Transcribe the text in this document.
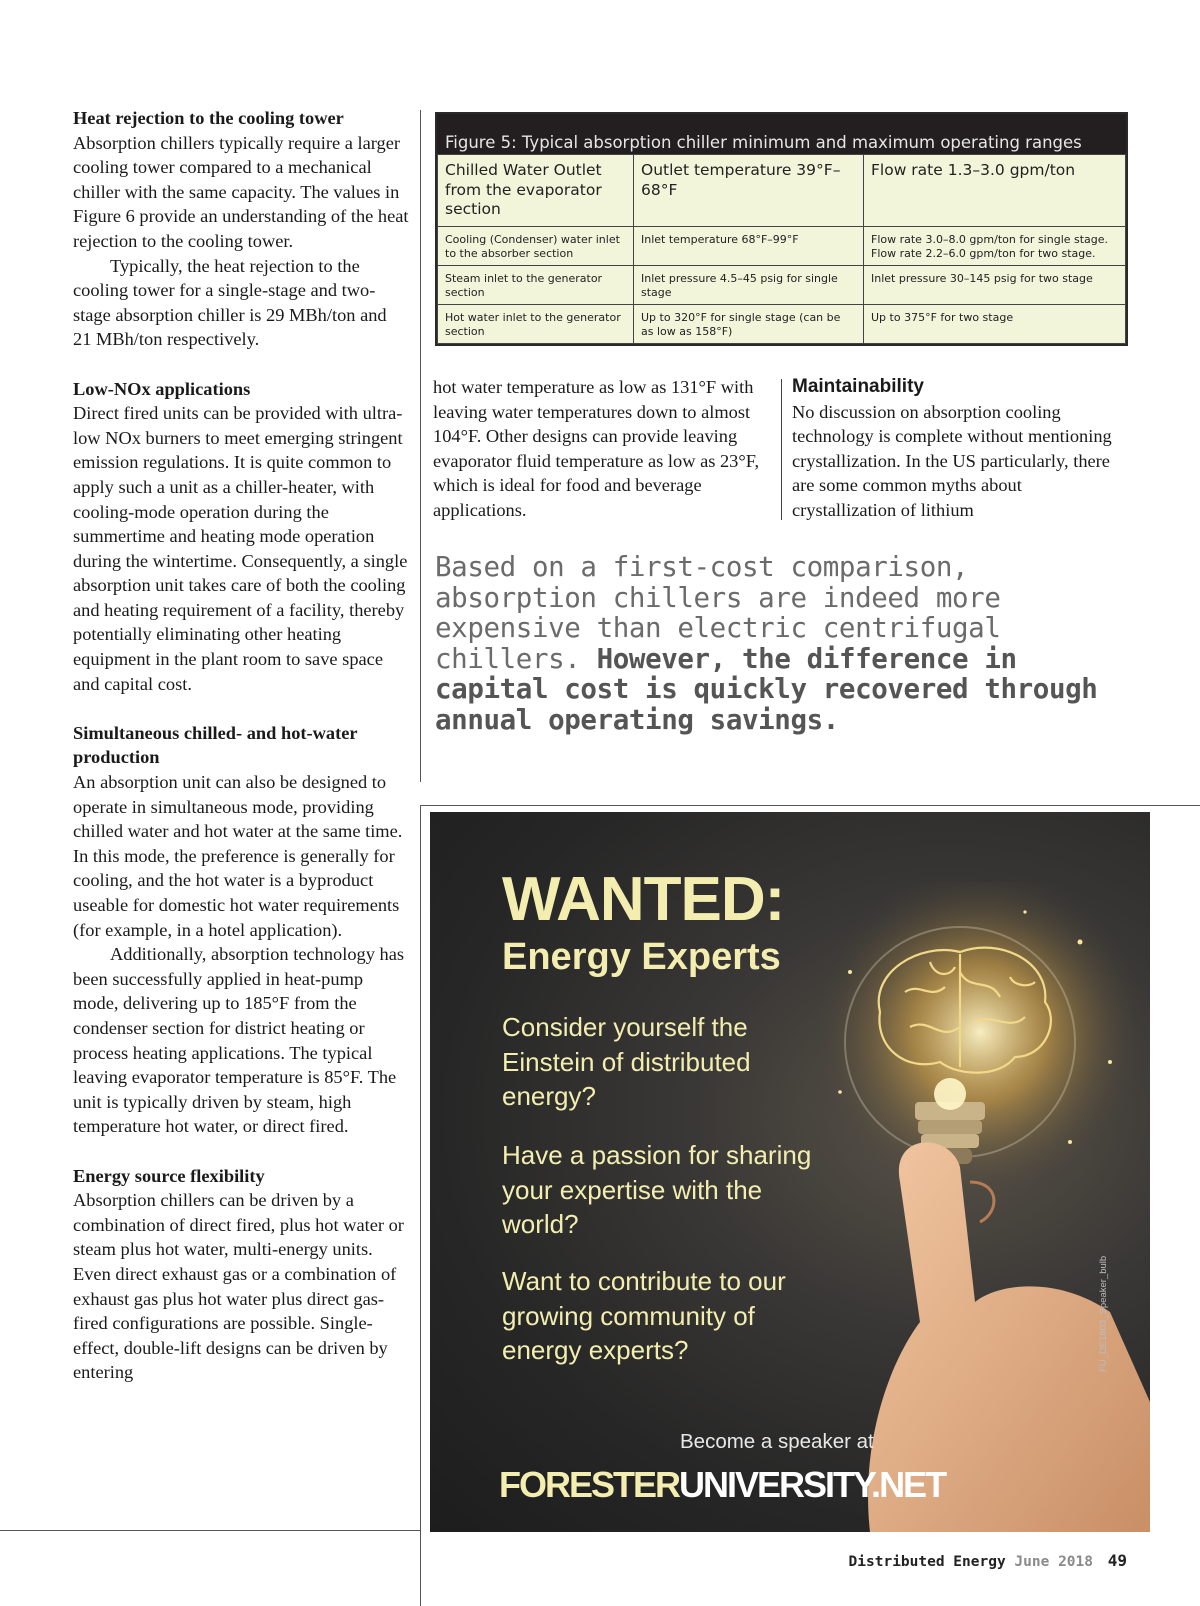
Heat rejection to the cooling tower

Absorption chillers typically require a larger cooling tower compared to a mechanical chiller with the same capacity. The values in Figure 6 provide an understanding of the heat rejection to the cooling tower.

Typically, the heat rejection to the cooling tower for a single-stage and two-stage absorption chiller is 29 MBh/ton and 21 MBh/ton respectively.

Low-NOx applications

Direct fired units can be provided with ultra-low NOx burners to meet emerging stringent emission regulations. It is quite common to apply such a unit as a chiller-heater, with cooling-mode operation during the summertime and heating mode operation during the wintertime. Consequently, a single absorption unit takes care of both the cooling and heating requirement of a facility, thereby potentially eliminating other heating equipment in the plant room to save space and capital cost.

Simultaneous chilled- and hot-water production

An absorption unit can also be designed to operate in simultaneous mode, providing chilled water and hot water at the same time. In this mode, the preference is generally for cooling, and the hot water is a byproduct useable for domestic hot water requirements (for example, in a hotel application).

Additionally, absorption technology has been successfully applied in heat-pump mode, delivering up to 185°F from the condenser section for district heating or process heating applications. The typical leaving evaporator temperature is 85°F. The unit is typically driven by steam, high temperature hot water, or direct fired.

Energy source flexibility

Absorption chillers can be driven by a combination of direct fired, plus hot water or steam plus hot water, multi-energy units. Even direct exhaust gas or a combination of exhaust gas plus hot water plus direct gas-fired configurations are possible. Single-effect, double-lift designs can be driven by entering

Figure 5: Typical absorption chiller minimum and maximum operating ranges
Chilled Water Outlet from the evaporator section	Outlet temperature 39°F–68°F	Flow rate 1.3–3.0 gpm/ton
Cooling (Condenser) water inlet to the absorber section	Inlet temperature 68°F–99°F	Flow rate 3.0–8.0 gpm/ton for single stage. Flow rate 2.2–6.0 gpm/ton for two stage.
Steam inlet to the generator section	Inlet pressure 4.5–45 psig for single stage	Inlet pressure 30–145 psig for two stage
Hot water inlet to the generator section	Up to 320°F for single stage (can be as low as 158°F)	Up to 375°F for two stage

hot water temperature as low as 131°F with leaving water temperatures down to almost 104°F. Other designs can provide leaving evaporator fluid temperature as low as 23°F, which is ideal for food and beverage applications.

Maintainability

No discussion on absorption cooling technology is complete without mentioning crystallization. In the US particularly, there are some common myths about crystallization of lithium

Based on a first-cost comparison, absorption chillers are indeed more expensive than electric centrifugal chillers. However, the difference in capital cost is quickly recovered through annual operating savings.
WANTED:
Energy Experts
Consider yourself the Einstein of distributed energy?
Have a passion for sharing your expertise with the world?
Want to contribute to our growing community of energy experts?
Become a speaker at
FORESTERUNIVERSITY.NET
FU_DE1803_Speaker_bulb
Distributed Energy June 2018 49
